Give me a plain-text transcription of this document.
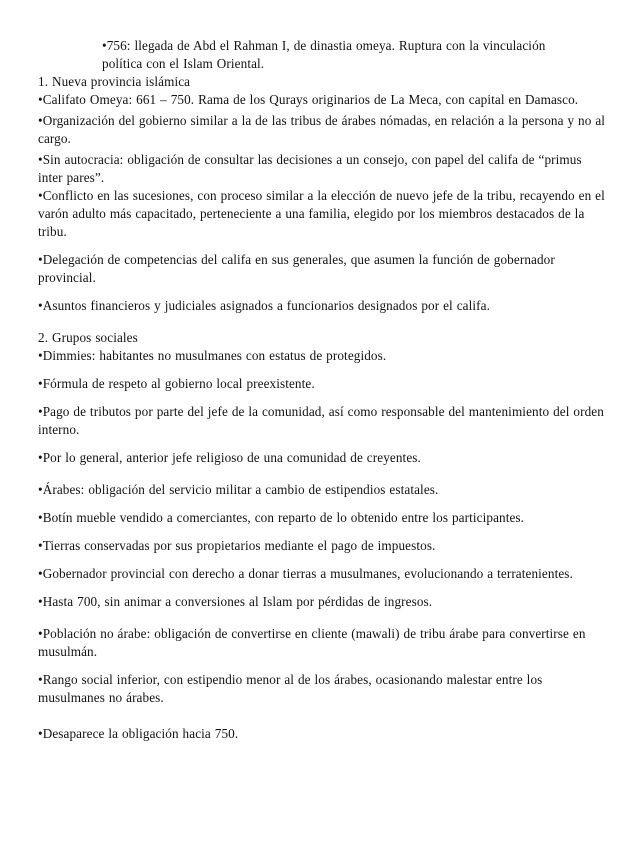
•756: llegada de Abd el Rahman I, de dinastia omeya. Ruptura con la vinculación política con el Islam Oriental.

1. Nueva provincia islámica

•Califato Omeya: 661 – 750. Rama de los Qurays originarios de La Meca, con capital en Damasco.

•Organización del gobierno similar a la de las tribus de árabes nómadas, en relación a la persona y no al cargo.

•Sin autocracia: obligación de consultar las decisiones a un consejo, con papel del califa de “primus inter pares”.

•Conflicto en las sucesiones, con proceso similar a la elección de nuevo jefe de la tribu, recayendo en el varón adulto más capacitado, perteneciente a una familia, elegido por los miembros destacados de la tribu.

•Delegación de competencias del califa en sus generales, que asumen la función de gobernador provincial.

•Asuntos financieros y judiciales asignados a funcionarios designados por el califa.

2. Grupos sociales

•Dimmies: habitantes no musulmanes con estatus de protegidos.

•Fórmula de respeto al gobierno local preexistente.

•Pago de tributos por parte del jefe de la comunidad, así como responsable del mantenimiento del orden interno.

•Por lo general, anterior jefe religioso de una comunidad de creyentes.

•Árabes: obligación del servicio militar a cambio de estipendios estatales.

•Botín mueble vendido a comerciantes, con reparto de lo obtenido entre los participantes.

•Tierras conservadas por sus propietarios mediante el pago de impuestos.

•Gobernador provincial con derecho a donar tierras a musulmanes, evolucionando a terratenientes.

•Hasta 700, sin animar a conversiones al Islam por pérdidas de ingresos.

•Población no árabe: obligación de convertirse en cliente (mawali) de tribu árabe para convertirse en musulmán.

•Rango social inferior, con estipendio menor al de los árabes, ocasionando malestar entre los musulmanes no árabes.

•Desaparece la obligación hacia 750.
